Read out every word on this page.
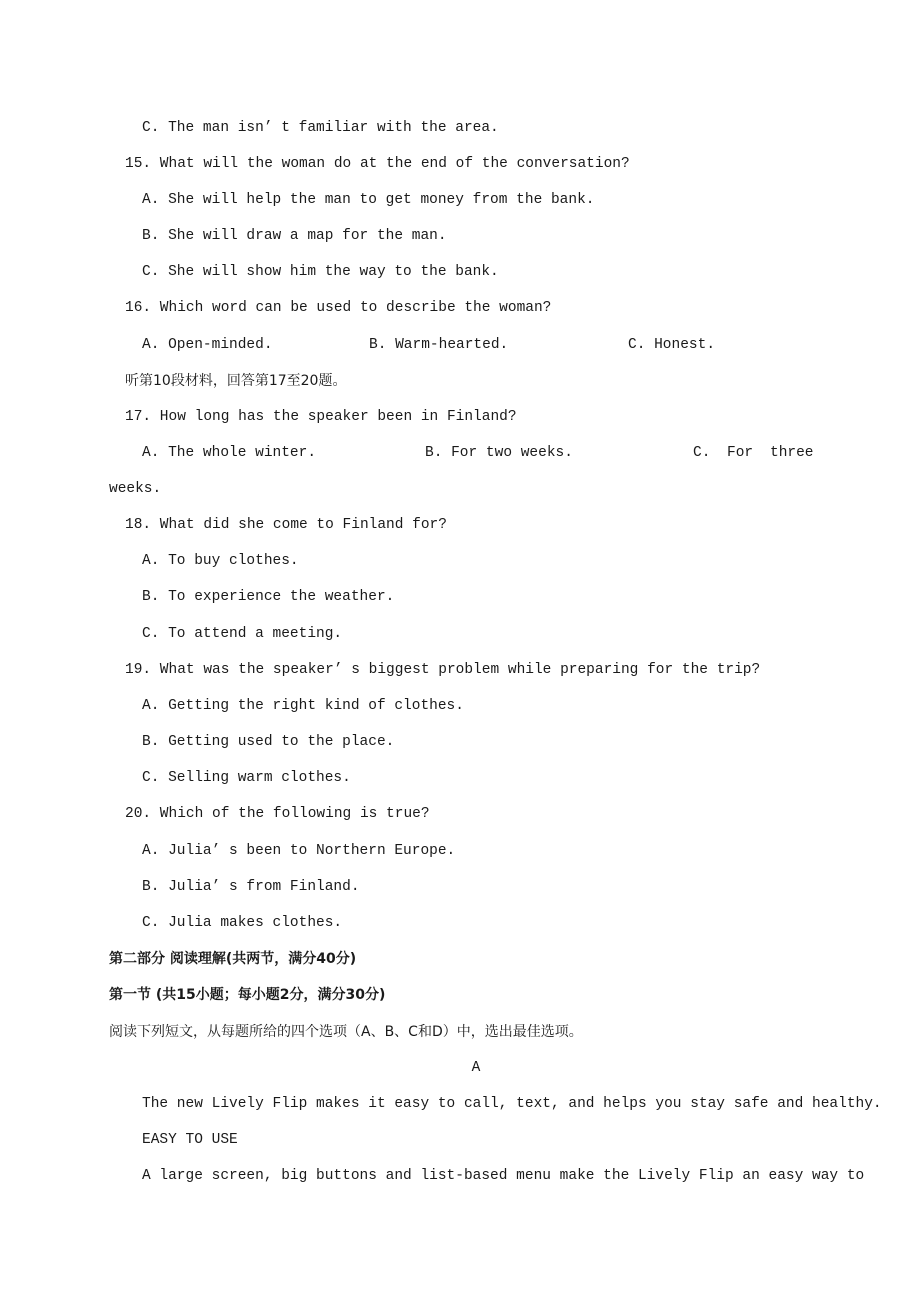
C. The man isn’ t familiar with the area.
15. What will the woman do at the end of the conversation?
A. She will help the man to get money from the bank.
B. She will draw a map for the man.
C. She will show him the way to the bank.
16. Which word can be used to describe the woman?
A. Open-minded.	B. Warm-hearted.	C. Honest.
听第10段材料，回答第17至20题。
17. How long has the speaker been in Finland?
A. The whole winter.	B. For two weeks.	C. For three
weeks.
18. What did she come to Finland for?
A. To buy clothes.
B. To experience the weather.
C. To attend a meeting.
19. What was the speaker’ s biggest problem while preparing for the trip?
A. Getting the right kind of clothes.
B. Getting used to the place.
C. Selling warm clothes.
20. Which of the following is true?
A. Julia’ s been to Northern Europe.
B. Julia’ s from Finland.
C. Julia makes clothes.
第二部分 阅读理解(共两节，满分40分)
第一节 (共15小题；每小题2分，满分30分)
阅读下列短文，从每题所给的四个选项（A、B、C和D）中，选出最佳选项。
A
The new Lively Flip makes it easy to call, text, and helps you stay safe and healthy.
EASY TO USE
A large screen, big buttons and list-based menu make the Lively Flip an easy way to
